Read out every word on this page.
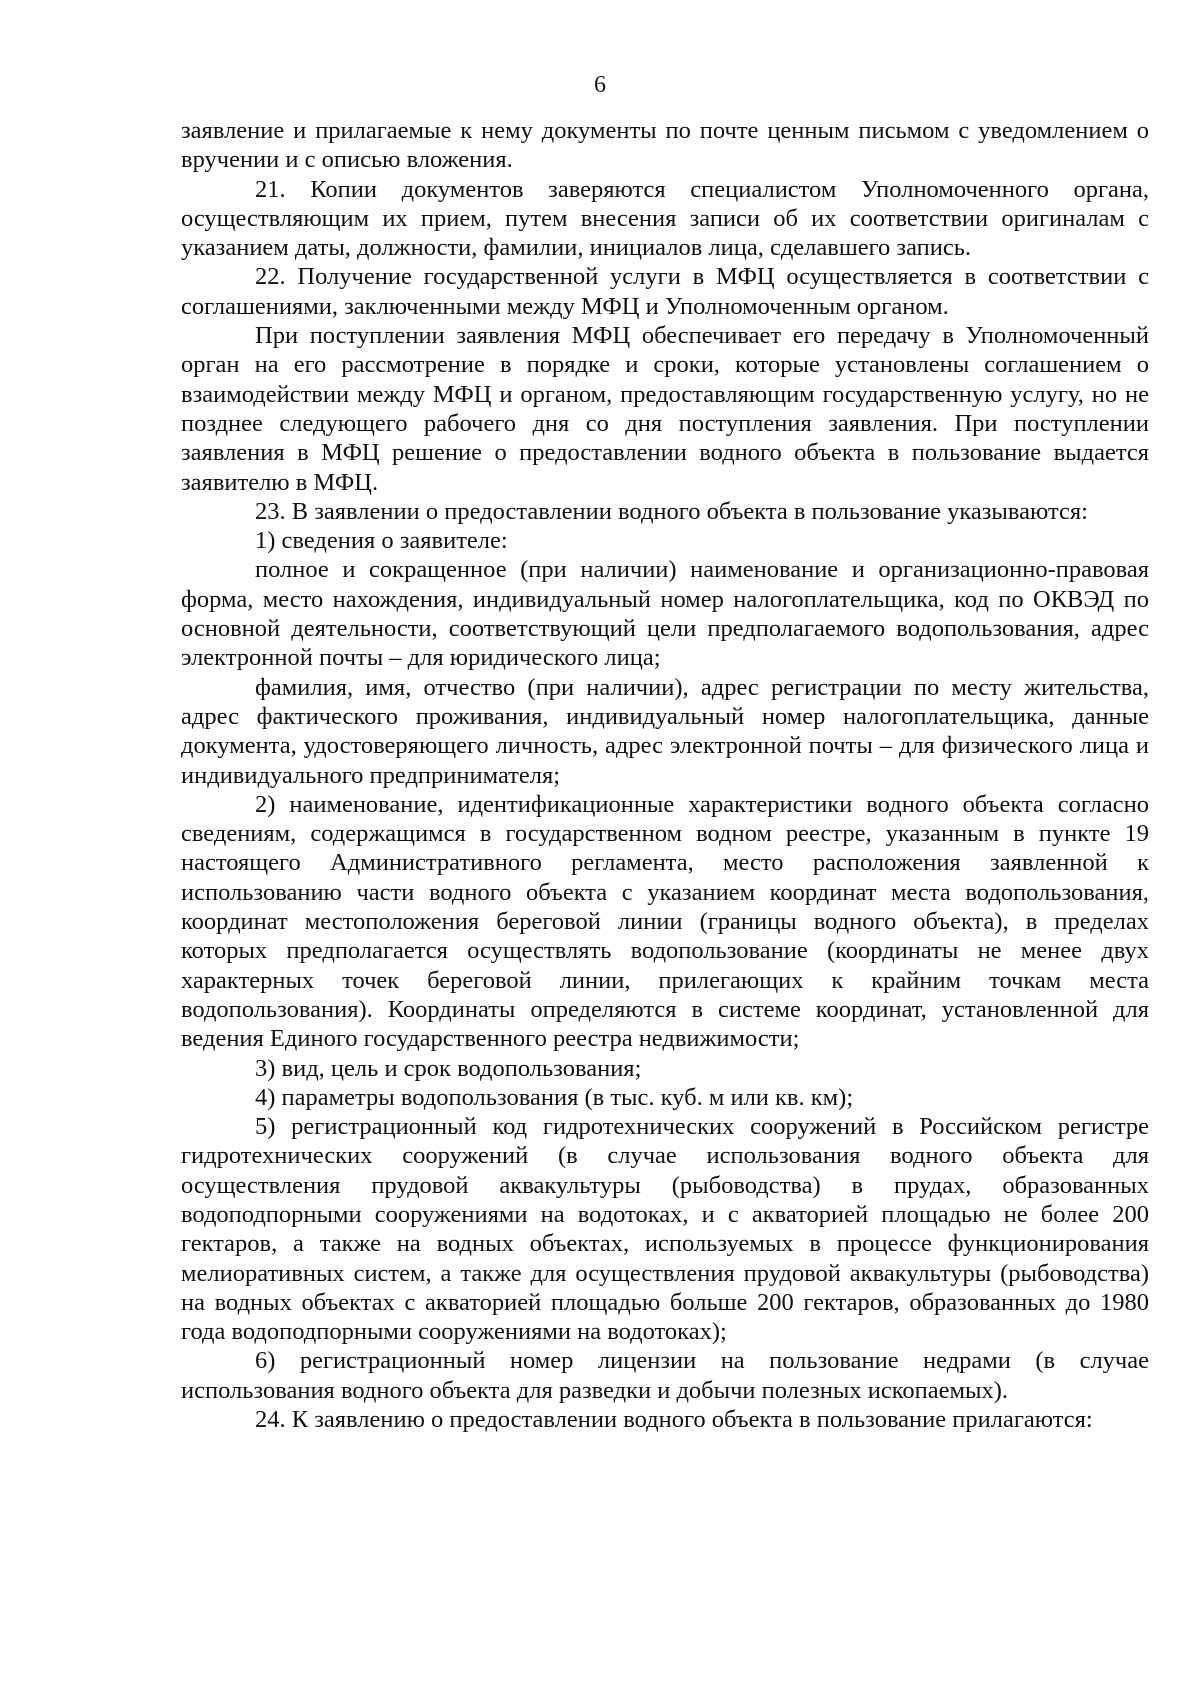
6

заявление и прилагаемые к нему документы по почте ценным письмом с уведомлением о вручении и с описью вложения.

21. Копии документов заверяются специалистом Уполномоченного органа, осуществляющим их прием, путем внесения записи об их соответствии оригиналам с указанием даты, должности, фамилии, инициалов лица, сделавшего запись.

22. Получение государственной услуги в МФЦ осуществляется в соответствии с соглашениями, заключенными между МФЦ и Уполномоченным органом.

При поступлении заявления МФЦ обеспечивает его передачу в Уполномоченный орган на его рассмотрение в порядке и сроки, которые установлены соглашением о взаимодействии между МФЦ и органом, предоставляющим государственную услугу, но не позднее следующего рабочего дня со дня поступления заявления. При поступлении заявления в МФЦ решение о предоставлении водного объекта в пользование выдается заявителю в МФЦ.

23. В заявлении о предоставлении водного объекта в пользование указываются:

1) сведения о заявителе:

полное и сокращенное (при наличии) наименование и организационно-правовая форма, место нахождения, индивидуальный номер налогоплательщика, код по ОКВЭД по основной деятельности, соответствующий цели предполагаемого водопользования, адрес электронной почты – для юридического лица;

фамилия, имя, отчество (при наличии), адрес регистрации по месту жительства, адрес фактического проживания, индивидуальный номер налогоплательщика, данные документа, удостоверяющего личность, адрес электронной почты – для физического лица и индивидуального предпринимателя;

2) наименование, идентификационные характеристики водного объекта согласно сведениям, содержащимся в государственном водном реестре, указанным в пункте 19 настоящего Административного регламента, место расположения заявленной к использованию части водного объекта с указанием координат места водопользования, координат местоположения береговой линии (границы водного объекта), в пределах которых предполагается осуществлять водопользование (координаты не менее двух характерных точек береговой линии, прилегающих к крайним точкам места водопользования). Координаты определяются в системе координат, установленной для ведения Единого государственного реестра недвижимости;

3) вид, цель и срок водопользования;

4) параметры водопользования (в тыс. куб. м или кв. км);

5) регистрационный код гидротехнических сооружений в Российском регистре гидротехнических сооружений (в случае использования водного объекта для осуществления прудовой аквакультуры (рыбоводства) в прудах, образованных водоподпорными сооружениями на водотоках, и с акваторией площадью не более 200 гектаров, а также на водных объектах, используемых в процессе функционирования мелиоративных систем, а также для осуществления прудовой аквакультуры (рыбоводства) на водных объектах с акваторией площадью больше 200 гектаров, образованных до 1980 года водоподпорными сооружениями на водотоках);

6) регистрационный номер лицензии на пользование недрами (в случае использования водного объекта для разведки и добычи полезных ископаемых).

24. К заявлению о предоставлении водного объекта в пользование прилагаются:
